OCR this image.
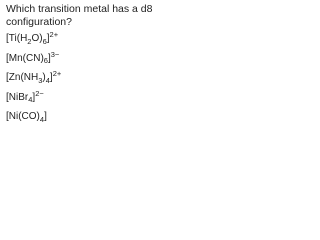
Which transition metal has a d8
configuration?
$[Ti(H_2O)_6]^{2+}$
$[Mn(CN)_6]^{3-}$
$[Zn(NH_3)_4]^{2+}$
[NiBr$_4$]$^{2-}$
$[Ni(CO)_4]$
